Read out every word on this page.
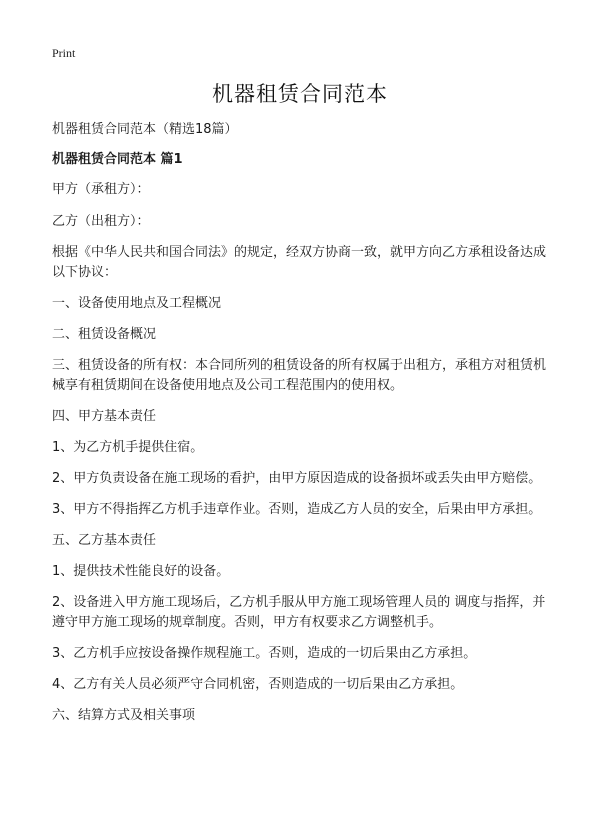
Print
机器租赁合同范本

机器租赁合同范本（精选18篇）

机器租赁合同范本 篇1

甲方（承租方）：

乙方（出租方）：

根据《中华人民共和国合同法》的规定，经双方协商一致，就甲方向乙方承租设备达成以下协议：

一、设备使用地点及工程概况

二、租赁设备概况

三、租赁设备的所有权：本合同所列的租赁设备的所有权属于出租方，承租方对租赁机械享有租赁期间在设备使用地点及公司工程范围内的使用权。

四、甲方基本责任

1、为乙方机手提供住宿。

2、甲方负责设备在施工现场的看护，由甲方原因造成的设备损坏或丢失由甲方赔偿。

3、甲方不得指挥乙方机手违章作业。否则，造成乙方人员的安全，后果由甲方承担。

五、乙方基本责任

1、提供技术性能良好的设备。

2、设备进入甲方施工现场后，乙方机手服从甲方施工现场管理人员的 调度与指挥，并遵守甲方施工现场的规章制度。否则，甲方有权要求乙方调整机手。

3、乙方机手应按设备操作规程施工。否则，造成的一切后果由乙方承担。

4、乙方有关人员必须严守合同机密，否则造成的一切后果由乙方承担。

六、结算方式及相关事项
